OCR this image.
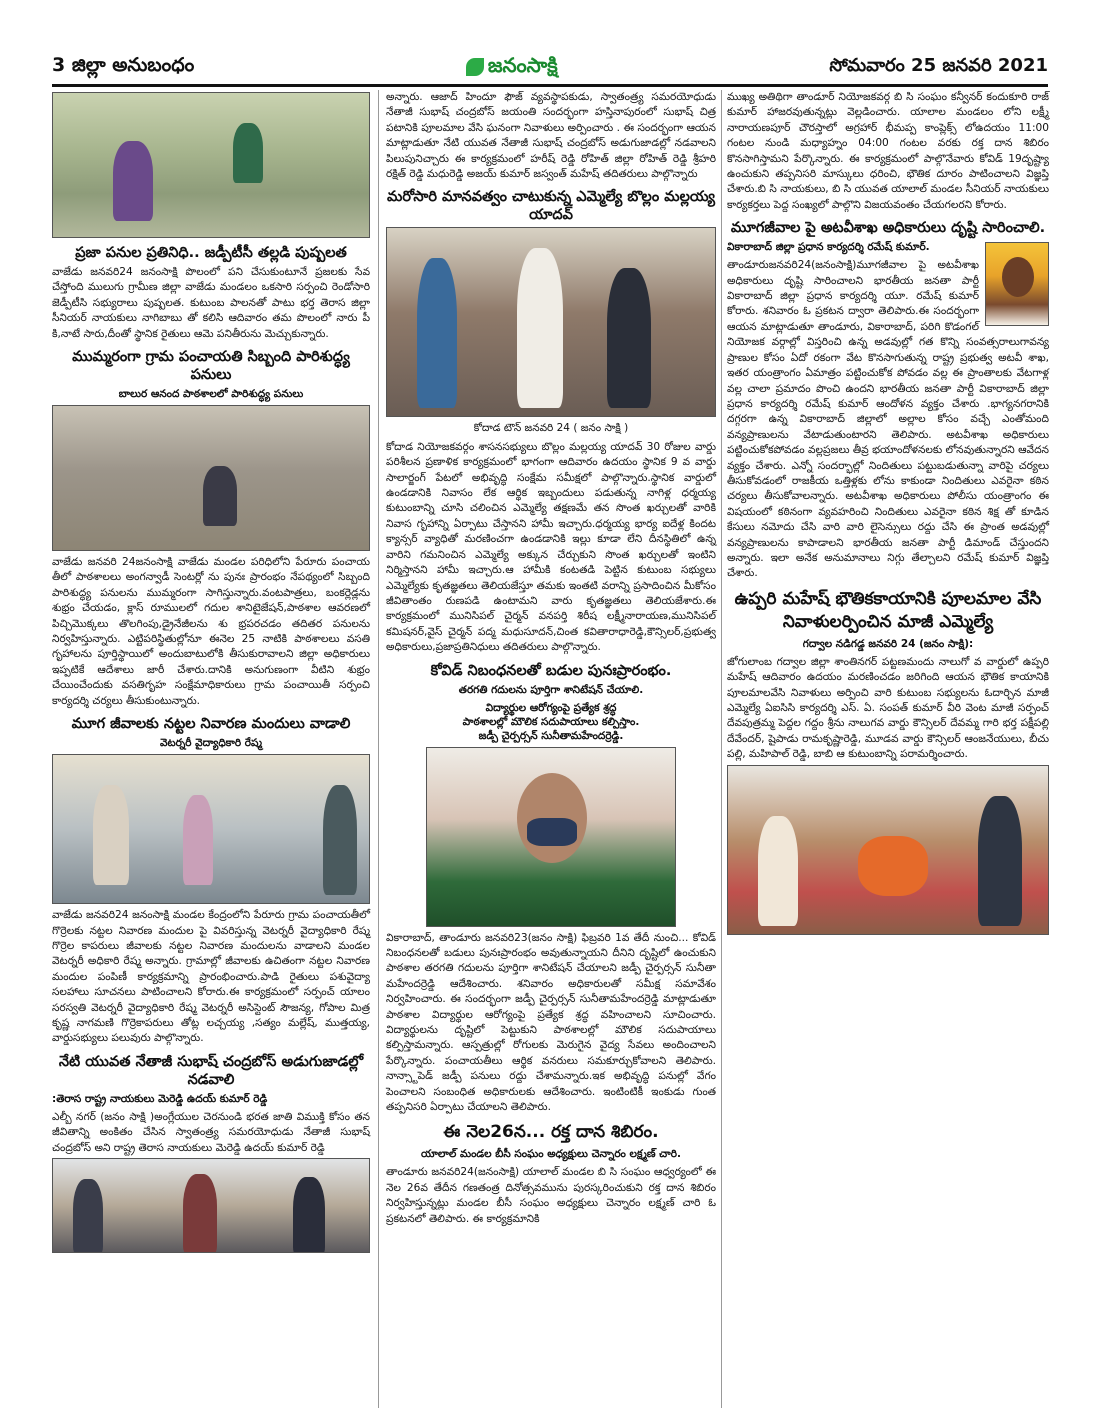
3 జిల్లా అనుబంధం	జనంసాక్షి	సోమవారం 25 జనవరి 2021
ప్రజా పనుల ప్రతినిధి.. జడ్పీటీసీ తల్లడి పుష్పలత

వాజేడు జనవరి24 జనంసాక్షి పొలంలో పని చేసుకుంటూనే ప్రజలకు సేవ చేస్తోంది ములుగు గ్రామీణ జిల్లా వాజేడు మండలం ఒకసారి సర్పంచి రెండోసారి జెడ్పీటీసి సభ్యురాలు పుష్పలత. కుటుంబ పాలనతో పాటు భర్త తెరాస జిల్లా సీనియర్ నాయకులు నాగిబాబు తో కలిసి ఆదివారం తమ పొలంలో నారు పీ కి,నాటే సారు,దీంతో స్థానిక రైతులు ఆమె పనితీరును మెచ్చుకున్నారు.

ముమ్మరంగా గ్రామ పంచాయతి సిబ్బంది పారిశుద్ధ్య పనులు
బాలుర ఆనంద పాఠశాలలో పారిశుద్ధ్య పనులు

వాజేడు జనవరి 24జనంసాక్షి వాజేడు మండల పరిధిలోని పేరూరు పంచాయ తీలో పాఠశాలలు అంగన్వాడీ సెంటర్లో ను పునః ప్రారంభం నేపథ్యంలో సిబ్బంది పారిశుద్ధ్య పనులను ముమ్మరంగా సాగిస్తున్నారు.వంటపాత్రలు, బంకర్లెడ్లను శుభ్రం చేయడం, క్లాస్ రూములలో గదుల శానిటైజేషన్,పాఠశాల ఆవరణలో పిచ్చిమొక్కలు తొలగింపు,డ్రైనేజీలను శు భ్రపరచడం తదితర పనులను నిర్వహిస్తున్నారు. ఎట్టిపరిస్థితుల్లోనూ ఈనెల 25 నాటికి పాఠశాలలు వసతి గృహాలను పూర్తిస్థాయిలో అందుబాటులోకి తీసుకురావాలని జిల్లా అధికారులు ఇప్పటికే ఆదేశాలు జారీ చేశారు.దానికి అనుగుణంగా వీటిని శుభ్రం చేయించేందుకు వసతిగృహ సంక్షేమాధికారులు గ్రామ పంచాయితీ సర్పంచి కార్యదర్శి చర్యలు తీసుకుంటున్నారు.

మూగ జీవాలకు నట్టల నివారణ మందులు వాడాలి
వెటర్నరీ వైద్యాధికారి రేష్మ

వాజేడు జనవరి24 జనంసాక్షి మండల కేంద్రంలోని పేరూరు గ్రామ పంచాయతీలో గొర్రెలకు నట్టల నివారణ మందుల పై వివరిస్తున్న వెటర్నరీ వైద్యాధికారి రేష్మ గొర్రెల కాపరులు జీవాలకు నట్టల నివారణ మందులను వాడాలని మండల వెటర్నరీ అధికారి రేష్మ అన్నారు. గ్రామాల్లో జీవాలకు ఉచితంగా నట్టల నివారణ మందుల పంపిణీ కార్యక్రమాన్ని ప్రారంభించారు.పాడి రైతులు పశువైద్యా సలహాలు సూచనలు పాటించాలని కోరారు.ఈ కార్యక్రమంలో సర్పంచ్ యాలం సరస్వతి వెటర్నరీ వైద్యాధికారి రేష్మ వెటర్నరీ అసిస్టెంట్ సౌజన్య, గోపాల మిత్ర కృష్ణ నాగమణి గొర్రెకాపరులు తోట్ల లచ్చయ్య ,సత్యం మల్లేష్, ముత్తయ్య, వార్డుసభ్యులు పలువురు పాల్గొన్నారు.

నేటి యువత నేతాజీ సుభాష్ చంద్రబోస్ అడుగుజాడల్లో నడవాలి
:తెరాస రాష్ట్ర నాయకులు మెరెడ్డి ఉదయ్ కుమార్ రెడ్డి

ఎల్బీ నగర్ (జనం సాక్షి )అంగ్లేయుల చెరనుండి భరత జాతి విముక్తి కోసం తన జీవితాన్ని అంకితం చేసిన స్వాతంత్ర్య సమరయోధుడు నేతాజీ సుభాష్ చంద్రబోస్ అని రాష్ట్ర తెరాస నాయకులు మెరెడ్డి ఉదయ్ కుమార్ రెడ్డి

అన్నారు. ఆజాద్ హిందూ ఫౌజ్ వ్యవస్థాపకుడు, స్వాతంత్ర్య సమరయోధుడు నేతాజీ సుభాష్ చంద్రబోస్ జయంతి సందర్భంగా హస్తినాపురంలో సుభాష్ చిత్ర పటానికి పూలమాల వేసి ఘనంగా నివాళులు అర్పించారు . ఈ సందర్భంగా ఆయన మాట్లాడుతూ నేటి యువత నేతాజీ సుభాష్ చంద్రబోస్ అడుగుజాడల్లో నడవాలని పిలుపునిచ్చారు ఈ కార్యక్రమంలో హరీష్ రెడ్డి రోహిత్ జిల్లా రోహిత్ రెడ్డి శ్రీహరి రక్షిత్ రెడ్డి మధురెడ్డి అజయ్ కుమార్ జస్వంత్ మహేష్ తదితరులు పాల్గొన్నారు

మరోసారి మానవత్వం చాటుకున్న ఎమ్మెల్యే బొల్లం మల్లయ్య యాదవ్
కోదాడ టౌన్ జనవరి 24 ( జనం సాక్షి )

కోదాడ నియోజకవర్గం శాసనసభ్యులు బొల్లం మల్లయ్య యాదవ్ 30 రోజుల వార్డు పరిశీలన ప్రణాళిక కార్యక్రమంలో భాగంగా ఆదివారం ఉదయం స్థానిక 9 వ వార్డు సాలార్జంగ్ పేటలో అభివృద్ధి సంక్షేమ సమీక్షలో పాల్గొన్నారు.స్థానిక వార్డులో ఉండడానికి నివాసం లేక ఆర్థిక ఇబ్బందులు పడుతున్న నాగిళ్ల ధర్మయ్య కుటుంబాన్ని చూసి చలించిన ఎమ్మెల్యే తక్షణమే తన సొంత ఖర్చులతో వారికి నివాస గృహాన్ని ఏర్పాటు చేస్తానని హామీ ఇచ్చారు.ధర్మయ్య భార్య ఐదేళ్ల కిందట క్యాన్సర్ వ్యాధితో మరణించగా ఉండడానికి ఇల్లు కూడా లేని దీనస్థితిలో ఉన్న వారిని గమనించిన ఎమ్మెల్యే అక్కున చేర్చుకుని సొంత ఖర్చులతో ఇంటిని నిర్మిస్తానని హామీ ఇచ్చారు.ఆ హామీకి కంటతడి పెట్టిన కుటుంబ సభ్యులు ఎమ్మెల్యేకు కృతజ్ఞతలు తెలియజేస్తూ తమకు ఇంతటి వరాన్ని ప్రసాదించిన మీకోసం జీవితాంతం రుణపడి ఉంటామని వారు కృతజ్ఞతలు తెలియజేశారు.ఈ కార్యక్రమంలో మునిసిపల్ చైర్మన్ వనపర్తి శిరీష లక్ష్మీనారాయణ,మునిసిపల్ కమిషనర్,వైస్ చైర్మన్ పద్మ మధుసూదన్,చింత కవితారాధారెడ్డి,కౌన్సిలర్,ప్రభుత్వ అధికారులు,ప్రజాప్రతినిధులు తదితరులు పాల్గొన్నారు.

కోవిడ్ నిబంధనలతో బడుల పునఃప్రారంభం.
తరగతి గదులను పూర్తిగా శానిటేషన్ చేయాలి.
విద్యార్థుల ఆరోగ్యంపై ప్రత్యేక శ్రద్ధ
పాఠశాలల్లో మౌలిక సదుపాయాలు కల్పిస్తాం.
జడ్పీ చైర్పర్సన్ సునీతామహేందర్రెడ్డి.

వికారాబాద్, తాండూరు జనవరి23(జనం సాక్షి) ఫిబ్రవరి 1వ తేదీ నుంచి... కోవిడ్ నిబంధనలతో బడులు పునఃప్రారంభం అవుతున్నాయని దీనిని దృష్టిలో ఉంచుకుని పాఠశాల తరగతి గదులను పూర్తిగా శానిటేషన్ చేయాలని జడ్పీ చైర్పర్సన్ సునీతా మహేందర్రెడ్డి ఆదేశించారు. శనివారం అధికారులతో సమీక్ష సమావేశం నిర్వహించారు. ఈ సందర్భంగా జడ్పీ చైర్పర్సన్ సునీతామహేందర్రెడ్డి మాట్లాడుతూ పాఠశాల విద్యార్థుల ఆరోగ్యంపై ప్రత్యేక శ్రద్ధ వహించాలని సూచించారు. విద్యార్థులను దృష్టిలో పెట్టుకుని పాఠశాలల్లో మౌలిక సదుపాయాలు కల్పిస్తామన్నారు. ఆస్పత్రుల్లో రోగులకు మెరుగైన వైద్య సేవలు అందించాలని పేర్కొన్నారు. పంచాయతీలు ఆర్థిక వనరులు సమకూర్చుకోవాలని తెలిపారు. నాన్స్టాపెడ్ జడ్పీ పనులు రద్దు చేశామన్నారు.ఇక అభివృద్ధి పనుల్లో వేగం పెంచాలని సంబంధిత అధికారులకు ఆదేశించారు. ఇంటింటికీ ఇంకుడు గుంత తప్పనిసరి ఏర్పాటు చేయాలని తెలిపారు.

ఈ నెల26న... రక్త దాన శిబిరం.
యాలాల్ మండల బీసీ సంఘం అధ్యక్షులు చెన్నారం లక్ష్మణ్ చారి.

తాండూరు జనవరి24(జనంసాక్షి) యాలాల్ మండల బి సి సంఘం ఆధ్వర్యంలో ఈ నెల 26వ తేదీన గణతంత్ర దినోత్సవమును పురస్కరించుకుని రక్త దాన శిబిరం నిర్వహిస్తున్నట్లు మండల బీసీ సంఘం అధ్యక్షులు చెన్నారం లక్ష్మణ్ చారి ఓ ప్రకటనలో తెలిపారు. ఈ కార్యక్రమానికి

ముఖ్య అతిథిగా తాండూర్ నియోజకవర్గ బి సి సంఘం కన్వీనర్ కందుకూరి రాజ్ కుమార్ హాజరవుతున్నట్లు వెల్లడించారు. యాలాల మండలం లోని లక్ష్మీ నారాయణపూర్ చౌరస్తాలో అగ్రహార్ భీమప్ప కాంప్లెక్స్ లోఉదయం 11:00 గంటల నుండి మధ్యాహ్నం 04:00 గంటల వరకు రక్త దాన శిబిరం కొనసాగిస్తామని పేర్కొన్నారు. ఈ కార్యక్రమంలో పాల్గొనేవారు కోవిడ్ 19దృష్ట్యా ఉంచుకుని తప్పనిసరి మాస్కులు ధరించి, భౌతిక దూరం పాటించాలని విజ్ఞప్తి చేశారు.బి సి నాయకులు, బి సి యువత యాలాల్ మండల సీనియర్ నాయకులు కార్యకర్తలు పెద్ద సంఖ్యలో పాల్గొని విజయవంతం చేయగలరని కోరారు.

మూగజీవాల పై అటవీశాఖ అధికారులు దృష్టి సారించాలి.
వికారాబాద్ జిల్లా ప్రధాన కార్యదర్శి రమేష్ కుమార్.

తాండూరుజనవరి24(జనంసాక్షి)మూగజీవాల పై అటవీశాఖ అధికారులు దృష్టి సారించాలని భారతీయ జనతా పార్టీ వికారాబాద్ జిల్లా ప్రధాన కార్యదర్శి యూ. రమేష్ కుమార్ కోరారు. శనివారం ఓ ప్రకటన ద్వారా తెలిపారు.ఈ సందర్భంగా ఆయన మాట్లాడుతూ తాండూరు, వికారాబాద్, పరిగి కొడంగల్ నియోజక వర్గాల్లో విస్తరించి ఉన్న అడవుల్లో గత కొన్ని సంవత్సరాలుగావన్య ప్రాణుల కోసం ఏదో రకంగా వేట కొనసాగుతున్న రాష్ట్ర ప్రభుత్వ అటవీ శాఖ, ఇతర యంత్రాంగం ఏమాత్రం పట్టించుకోక పోవడం వల్ల ఈ ప్రాంతాలకు వేటగాళ్ల వల్ల చాలా ప్రమాదం పొంచి ఉందని భారతీయ జనతా పార్టీ వికారాబాద్ జిల్లా ప్రధాన కార్యదర్శి రమేష్ కుమార్ ఆందోళన వ్యక్తం చేశారు .భాగ్యనగరానికి దగ్గరగా ఉన్న వికారాబాద్ జిల్లాలో అల్లాల కోసం వచ్చే ఎంతోమంది వన్యప్రాణులను వేటాడుతుంటారని తెలిపారు. అటవీశాఖ అధికారులు పట్టించుకోకపోవడం వల్లప్రజలు తీవ్ర భయాందోళనలకు లోనవుతున్నారని ఆవేదన వ్యక్తం చేశారు. ఎన్నో సందర్భాల్లో నిందితులు పట్టుబడుతున్నా వారిపై చర్యలు తీసుకోవడంలో రాజకీయ ఒత్తిళ్లకు లోను కాకుండా నిందితులు ఎవరైనా కఠిన చర్యలు తీసుకోవాలన్నారు. అటవీశాఖ అధికారులు పోలీసు యంత్రాంగం ఈ విషయంలో కఠినంగా వ్యవహరించి నిందితులు ఎవరైనా కఠిన శిక్ష తో కూడిన కేసులు నమోదు చేసి వారి వారి లైసెన్సులు రద్దు చేసి ఈ ప్రాంత అడవుల్లో వన్యప్రాణులను కాపాడాలని భారతీయ జనతా పార్టీ డిమాండ్ చేస్తుందని అన్నారు. ఇలా అనేక అనుమానాలు నిగ్గు తేల్చాలని రమేష్ కుమార్ విజ్ఞప్తి చేశారు.

ఉప్పరి మహేష్ భౌతికకాయానికి పూలమాల వేసి నివాళులర్పించిన మాజీ ఎమ్మెల్యే
గద్వాల నడిగడ్డ జనవరి 24 (జనం సాక్షి):

జోగులాంబ గద్వాల జిల్లా శాంతినగర్ పట్టణమందు నాలుగో వ వార్డులో ఉప్పరి మహేష్ ఆదివారం ఉదయం మరణించడం జరిగింది ఆయన భౌతిక కాయానికి పూలమాలవేసి నివాళులు అర్పించి వారి కుటుంబ సభ్యులను ఓదార్చిన మాజీ ఎమ్మెల్యే ఏఐసిసి కార్యదర్శి ఎస్. ఏ. సంపత్ కుమార్ వీరి వెంట మాజీ సర్పంచ్ దేవపుత్రమ్మ పెద్దల గద్దం శ్రీను నాలుగవ వార్డు కౌన్సిలర్ దేవమ్మ గారి భర్త పక్షీపల్లి దేవేందర్, షైపాడు రామకృష్ణారెడ్డి, మూడవ వార్డు కౌన్సిలర్ ఆంజనేయులు, బీచు పల్లి, మహిపాల్ రెడ్డి, బాబి ఆ కుటుంబాన్ని పరామర్శించారు.
